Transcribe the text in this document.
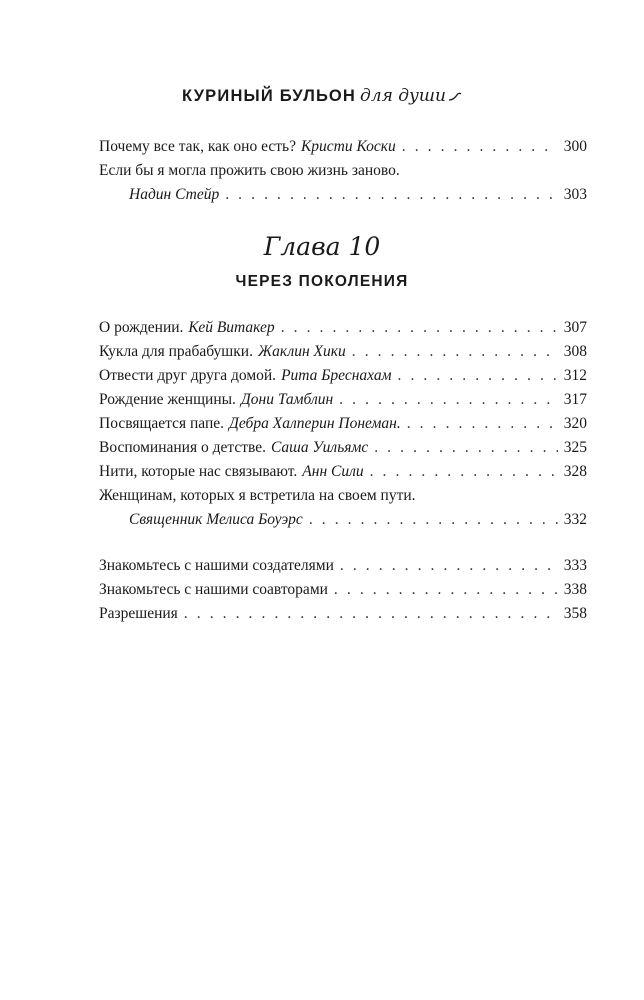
КУРИНЫЙ БУЛЬОН для души
Почему все так, как оно есть? Кристи Коски . . .	300
Если бы я могла прожить свою жизнь заново.
Надин Стейр . . .	303
Глава 10
ЧЕРЕЗ ПОКОЛЕНИЯ
О рождении. Кей Витакер . . .	307
Кукла для прабабушки. Жаклин Хики . . .	308
Отвести друг друга домой. Рита Бреснахам . . .	312
Рождение женщины. Дони Тамблин . . .	317
Посвящается папе. Дебра Халперин Понеман. . . .	320
Воспоминания о детстве. Саша Уильямс . . .	325
Нити, которые нас связывают. Анн Сили . . .	328
Женщинам, которых я встретила на своем пути.
Священник Мелиса Боуэрс . . .	332
Знакомьтесь с нашими создателями . . .	333
Знакомьтесь с нашими соавторами . . .	338
Разрешения . . .	358
